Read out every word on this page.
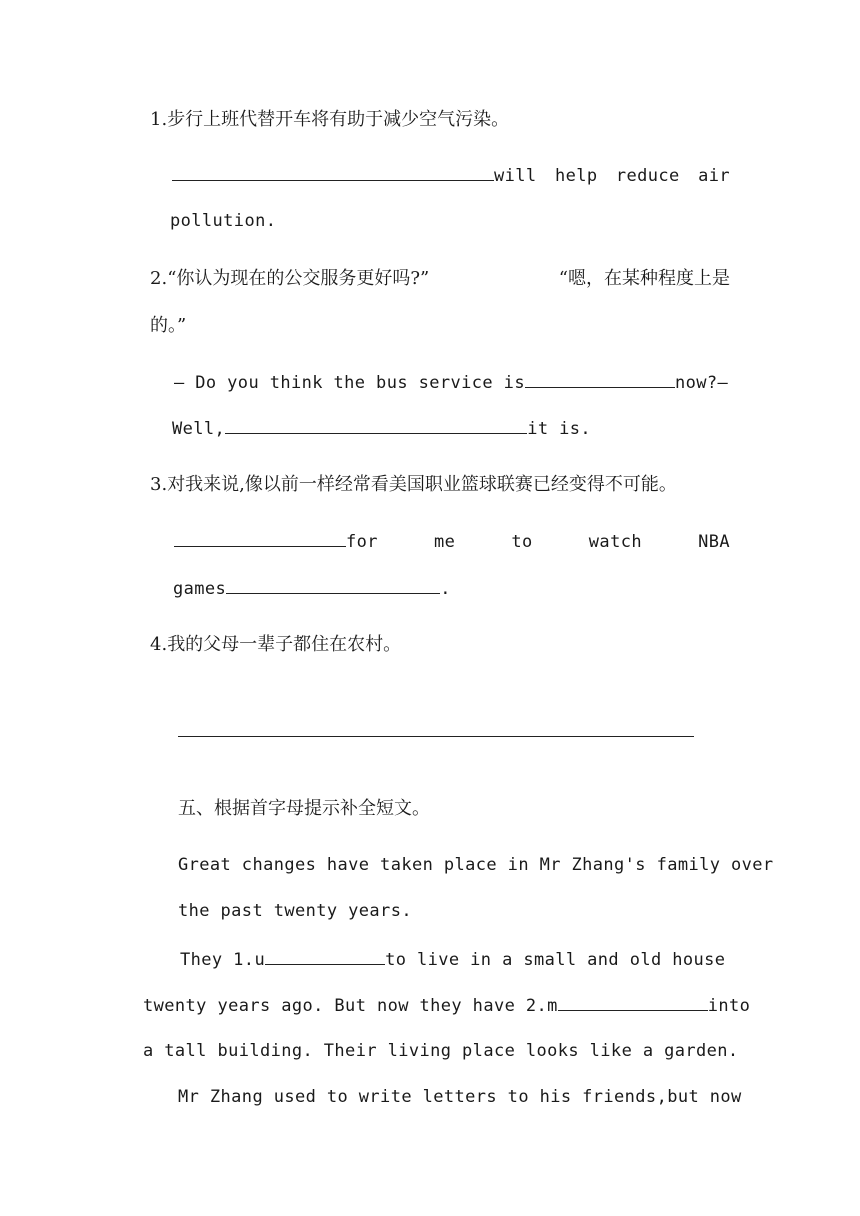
1.步行上班代替开车将有助于减少空气污染。
will help reduce air
pollution.
2.“你认为现在的公交服务更好吗?”	“嗯，在某种程度上是
的。”
— Do you think the bus service is	now?—
Well,	it is.
3.对我来说,像以前一样经常看美国职业篮球联赛已经变得不可能。
for	me	to	watch	NBA
games	.
4.我的父母一辈子都住在农村。
五、根据首字母提示补全短文。
Great changes have taken place in Mr Zhang's family over
the past twenty years.
They 1.u	to live in a small and old house
twenty years ago. But now they have 2.m	into
a tall building. Their living place looks like a garden.
Mr Zhang used to write letters to his friends,but now
